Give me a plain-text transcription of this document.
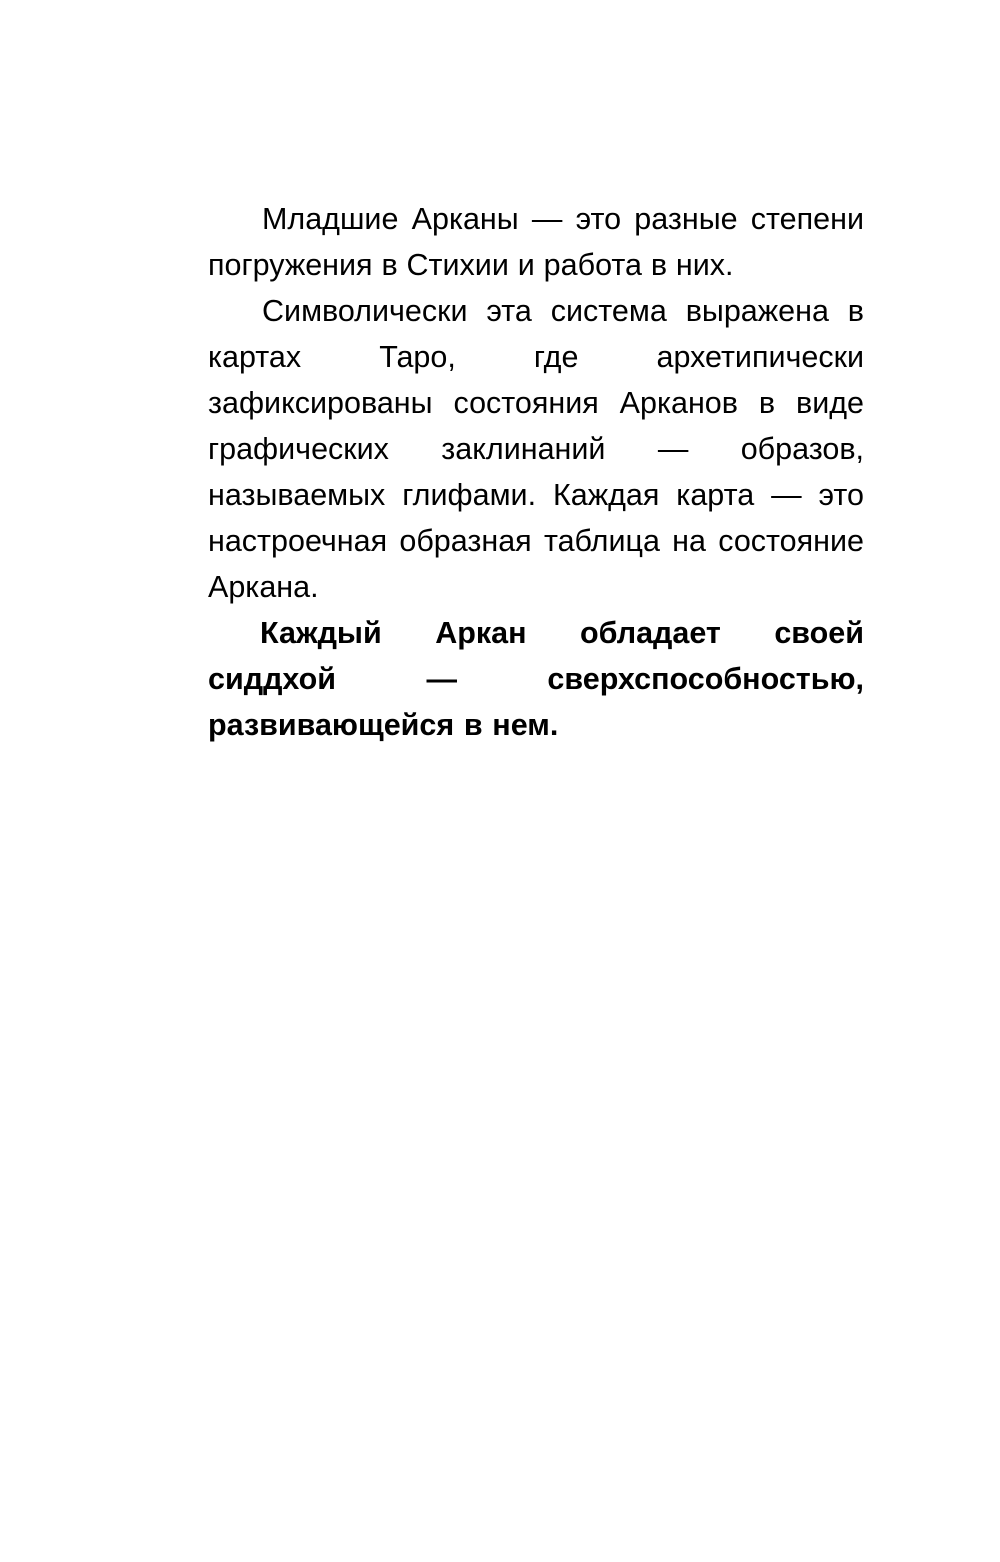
Младшие Арканы — это разные степени погружения в Стихии и работа в них.

Символически эта система выражена в картах Таро, где архетипически зафиксированы состояния Арканов в виде графических заклинаний — образов, называемых глифами. Каждая карта — это настроечная образная таблица на состояние Аркана.

Каждый Аркан обладает своей сиддхой — сверхспособностью, развивающейся в нем.
